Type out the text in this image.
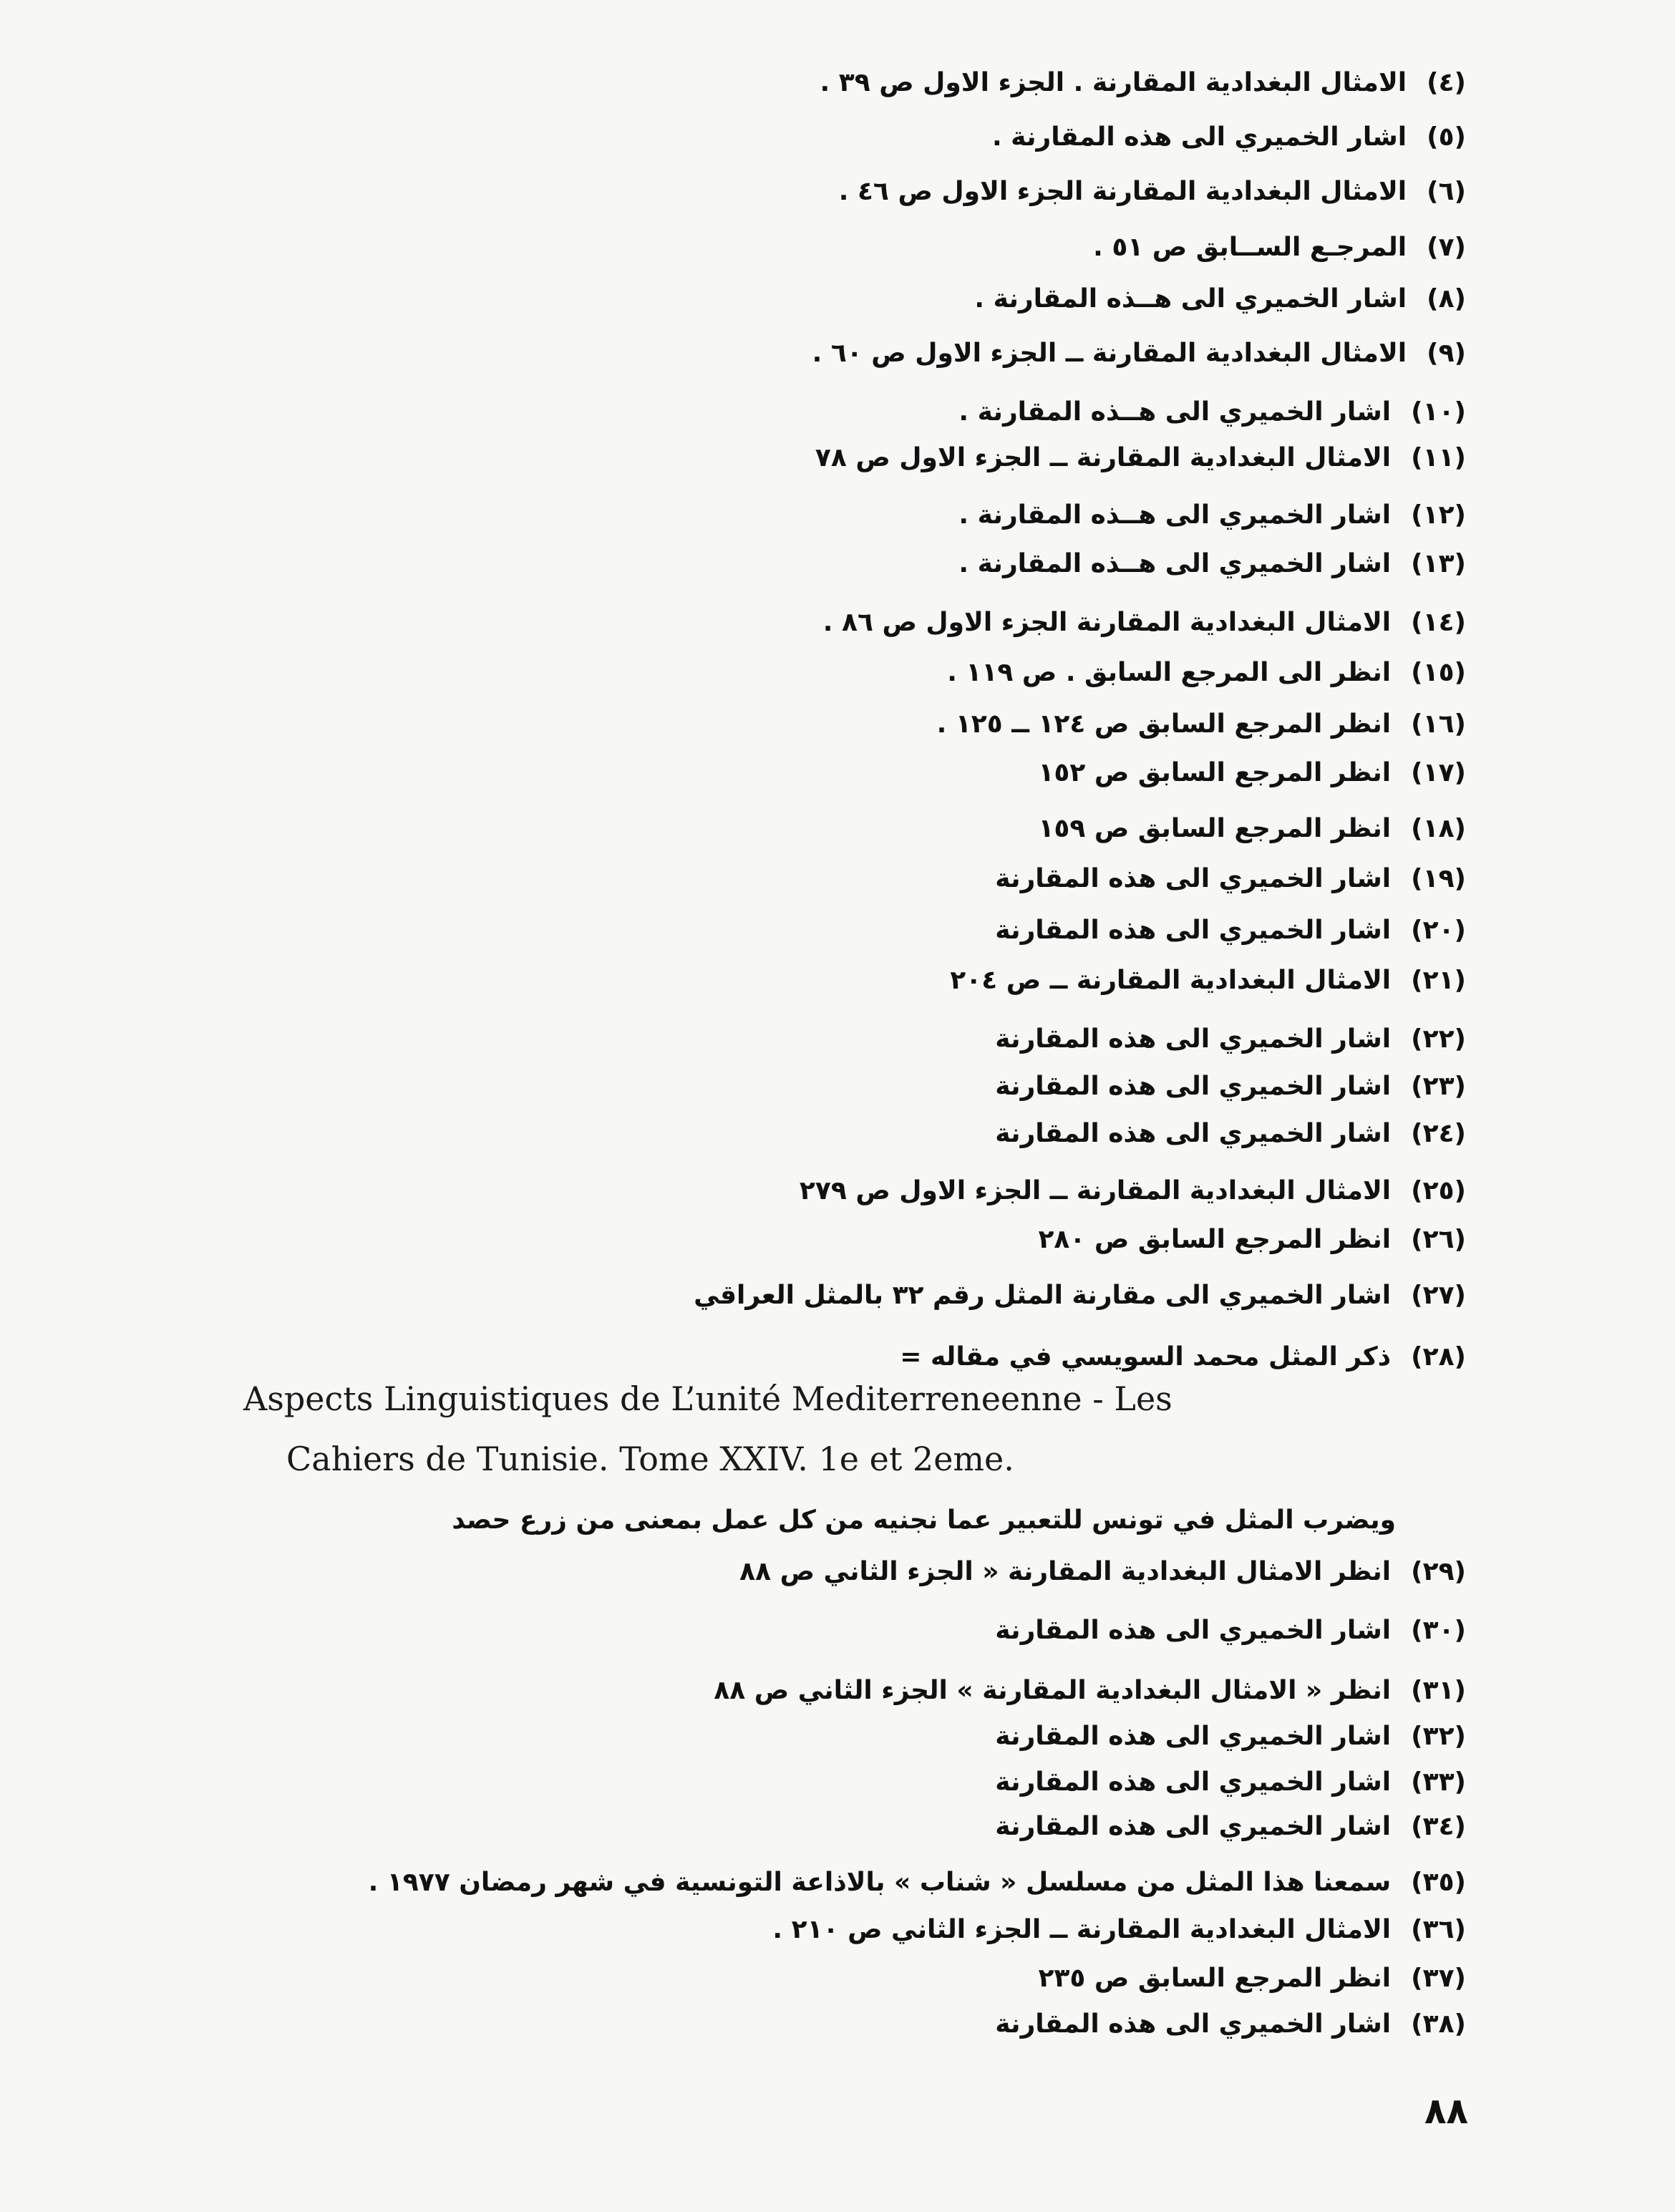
(٤)الامثال البغدادية المقارنة . الجزء الاول ص ٣٩ .
(٥)اشار الخميري الى هذه المقارنة .
(٦)الامثال البغدادية المقارنة الجزء الاول ص ٤٦ .
(٧)المرجـع الســابق ص ٥١ .
(٨)اشار الخميري الى هــذه المقارنة .
(٩)الامثال البغدادية المقارنة ــ الجزء الاول ص ٦٠ .
(١٠)اشار الخميري الى هــذه المقارنة .
(١١)الامثال البغدادية المقارنة ــ الجزء الاول ص ٧٨
(١٢)اشار الخميري الى هــذه المقارنة .
(١٣)اشار الخميري الى هــذه المقارنة .
(١٤)الامثال البغدادية المقارنة الجزء الاول ص ٨٦ .
(١٥)انظر الى المرجع السابق . ص ١١٩ .
(١٦)انظر المرجع السابق ص ١٢٤ ــ ١٢٥ .
(١٧)انظر المرجع السابق ص ١٥٢
(١٨)انظر المرجع السابق ص ١٥٩
(١٩)اشار الخميري الى هذه المقارنة
(٢٠)اشار الخميري الى هذه المقارنة
(٢١)الامثال البغدادية المقارنة ــ ص ٢٠٤
(٢٢)اشار الخميري الى هذه المقارنة
(٢٣)اشار الخميري الى هذه المقارنة
(٢٤)اشار الخميري الى هذه المقارنة
(٢٥)الامثال البغدادية المقارنة ــ الجزء الاول ص ٢٧٩
(٢٦)انظر المرجع السابق ص ٢٨٠
(٢٧)اشار الخميري الى مقارنة المثل رقم ٣٢ بالمثل العراقي
(٢٨)ذكر المثل محمد السويسي في مقاله =
Aspects Linguistiques de L’unité Mediterreneenne - Les
Cahiers de Tunisie. Tome XXIV. 1e et 2eme.
ويضرب المثل في تونس للتعبير عما نجنيه من كل عمل بمعنى من زرع حصد
(٢٩)انظر الامثال البغدادية المقارنة « الجزء الثاني ص ٨٨
(٣٠)اشار الخميري الى هذه المقارنة
(٣١)انظر « الامثال البغدادية المقارنة » الجزء الثاني ص ٨٨
(٣٢)اشار الخميري الى هذه المقارنة
(٣٣)اشار الخميري الى هذه المقارنة
(٣٤)اشار الخميري الى هذه المقارنة
(٣٥)سمعنا هذا المثل من مسلسل « شناب » بالاذاعة التونسية في شهر رمضان ١٩٧٧ .
(٣٦)الامثال البغدادية المقارنة ــ الجزء الثاني ص ٢١٠ .
(٣٧)انظر المرجع السابق ص ٢٣٥
(٣٨)اشار الخميري الى هذه المقارنة
٨٨
